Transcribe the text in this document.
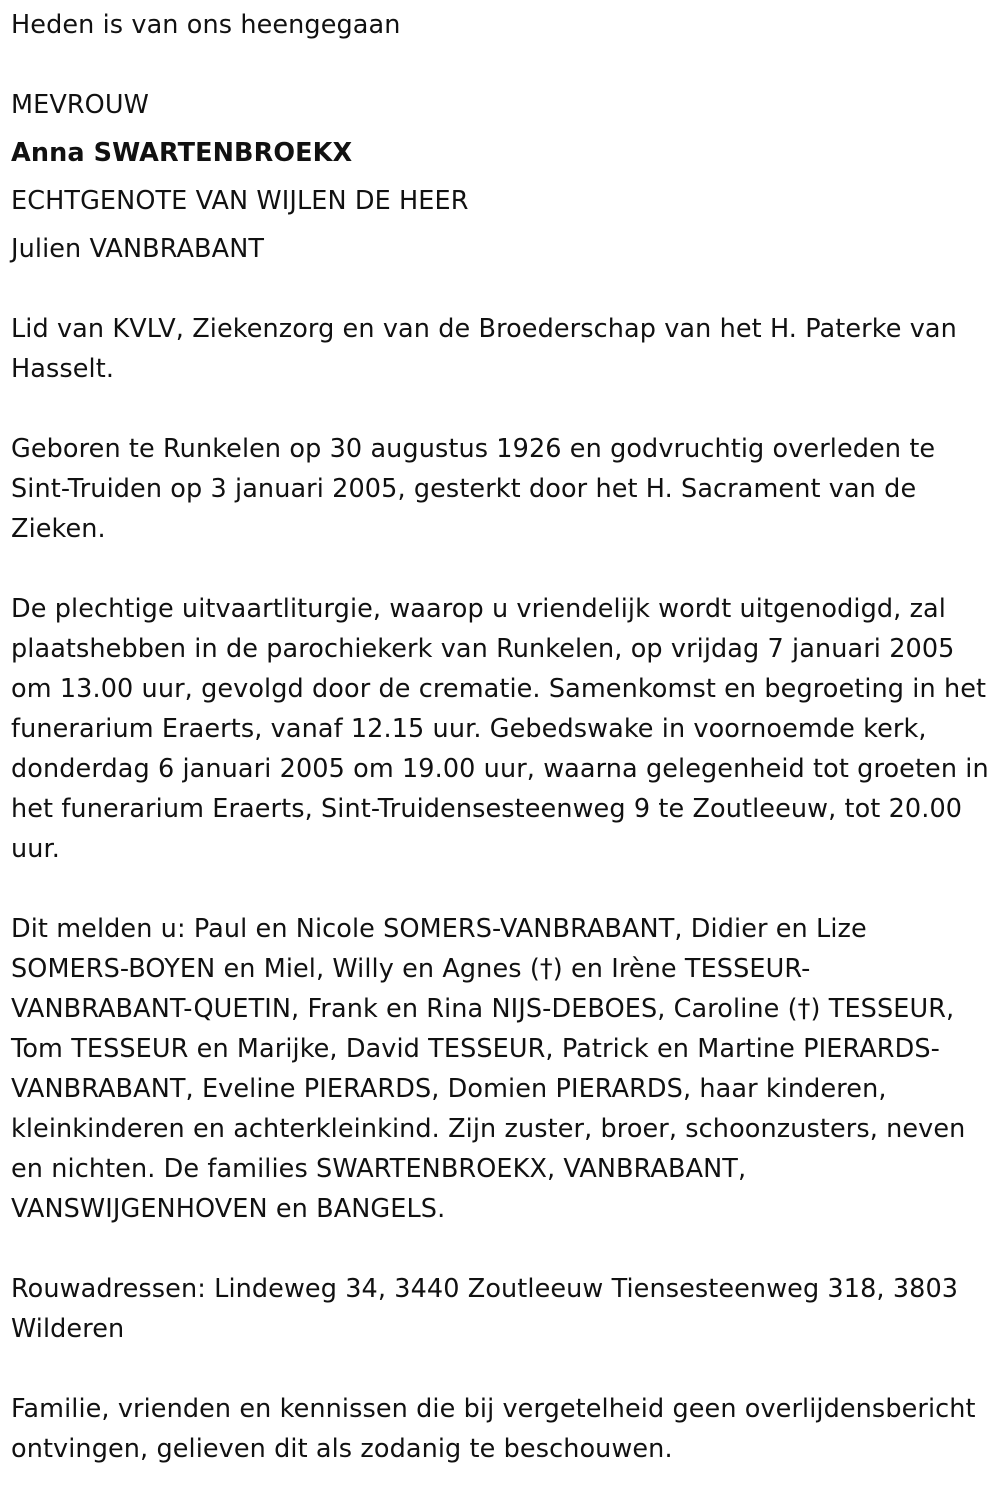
Heden is van ons heengegaan

MEVROUW

Anna SWARTENBROEKX

ECHTGENOTE VAN WIJLEN DE HEER

Julien VANBRABANT

Lid van KVLV, Ziekenzorg en van de Broederschap van het H. Paterke van Hasselt.

Geboren te Runkelen op 30 augustus 1926 en godvruchtig overleden te Sint-Truiden op 3 januari 2005, gesterkt door het H. Sacrament van de Zieken.

De plechtige uitvaartliturgie, waarop u vriendelijk wordt uitgenodigd, zal plaatshebben in de parochiekerk van Runkelen, op vrijdag 7 januari 2005 om 13.00 uur, gevolgd door de crematie. Samenkomst en begroeting in het funerarium Eraerts, vanaf 12.15 uur. Gebedswake in voornoemde kerk, donderdag 6 januari 2005 om 19.00 uur, waarna gelegenheid tot groeten in het funerarium Eraerts, Sint-Truidensesteenweg 9 te Zoutleeuw, tot 20.00 uur.

Dit melden u: Paul en Nicole SOMERS-VANBRABANT, Didier en Lize SOMERS-BOYEN en Miel, Willy en Agnes (†) en Irène TESSEUR-VANBRABANT-QUETIN, Frank en Rina NIJS-DEBOES, Caroline (†) TESSEUR, Tom TESSEUR en Marijke, David TESSEUR, Patrick en Martine PIERARDS-VANBRABANT, Eveline PIERARDS, Domien PIERARDS, haar kinderen, kleinkinderen en achterkleinkind. Zijn zuster, broer, schoonzusters, neven en nichten. De families SWARTENBROEKX, VANBRABANT, VANSWIJGENHOVEN en BANGELS.

Rouwadressen: Lindeweg 34, 3440 Zoutleeuw Tiensesteenweg 318, 3803 Wilderen

Familie, vrienden en kennissen die bij vergetelheid geen overlijdensbericht ontvingen, gelieven dit als zodanig te beschouwen.
